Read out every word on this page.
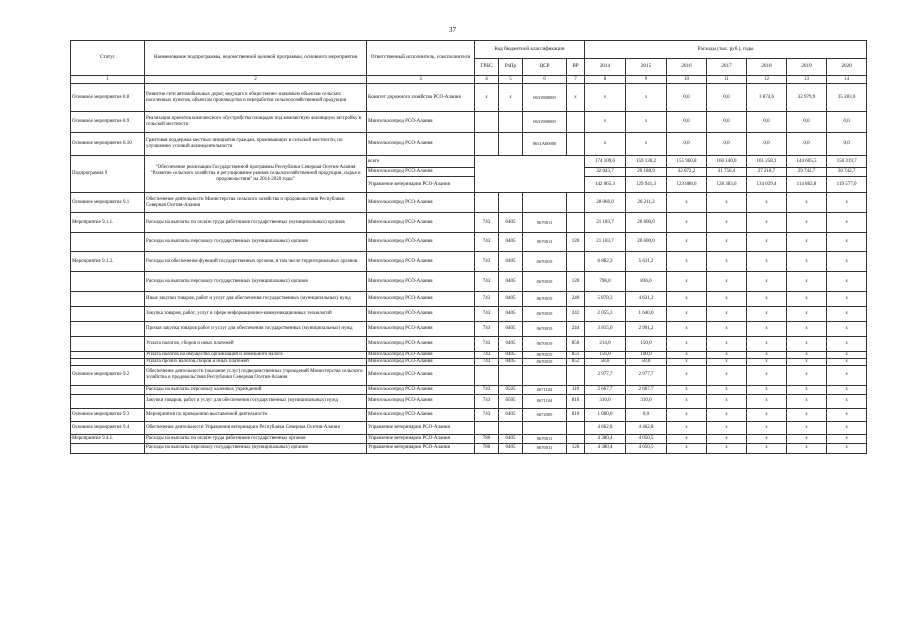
37
Статус	Наименование подпрограммы, ведомственной целевой программы, основного мероприятия	Ответственный исполнитель, соисполнители	Код бюджетной классификации				Расходы (тыс. руб.), годы						
			ГРБС	РзПр	ЦСР	ВР	2014	2015	2016	2017	2018	2019	2020
1	2	3	4	5	6	7	8	9	10	11	12	13	14
Основное мероприятие 8.8	Развитие сети автомобильных дорог, ведущих к общественно значимым объектам сельских населенных пунктов, объектам производства и переработки сельскохозяйственной продукции	Комитет дорожного хозяйства РСО-Алания	x	x	0631800000	x	x	x	0,0	0,0	3 874,6	32 979,9	35 283,0
Основное мероприятие 8.9	Реализация проектов комплексного обустройства площадок под компактную жилищную застройку в сельской местности	Минсельхозпрод РСО-Алания			0631900000		x	x	0,0	0,0	0,0	0,0	0,0
Основное мероприятие 8.10	Грантовая поддержка местных инициатив граждан, проживающих в сельской местности, по улучшению условий жизнедеятельности	Минсельхозпрод РСО-Алания			0631А00000		x	x	0,0	0,0	0,0	0,0	0,0
Подпрограмма 9	"Обеспечение реализации Государственной программы Республики Северная Осетия-Алания "Развитие сельского хозяйства и регулирование рынков сельскохозяйственной продукции, сырья и продовольствия" на 2014-2020 годы"	всего					174 109,0	159 130,2	155 960,8	160 140,0	161 258,1	144 605,5	150 319,7
		Минсельхозпрод РСО-Алания					32 043,7	29 188,9	32 072,2	31 756,4	27 218,7	29 742,7	30 742,7
		Управление ветеринарии РСО-Алания					142 065,3	129 941,3	123 888,6	128 383,6	134 039,4	114 862,8	119 577,0
Основное мероприятие 9.1	Обеспечение деятельности Министерства сельского хозяйства и продовольствия Республики Северная Осетия-Алания	Минсельхозпрод РСО-Алания					28 066,0	26 211,2	x	x	x	x	x
Мероприятие 9.1.1.	Расходы на выплаты по оплате труда работников государственных (муниципальных) органов	Минсельхозпрод РСО-Алания	743	0405	0670011		21 183,7	20 600,0	x	x	x	x	x
	Расходы на выплаты персоналу государственных (муниципальных) органов	Минсельхозпрод РСО-Алания	743	0405	0670011	120	21 183,7	20 600,0	x	x	x	x	x
Мероприятие 9.1.2.	Расходы на обеспечение функций государственных органов, в том числе территориальных органов	Минсельхозпрод РСО-Алания	743	0405	0670019		6 882,3	5 611,2	x	x	x	x	x
	Расходы на выплаты персоналу государственных (муниципальных) органов	Минсельхозпрод РСО-Алания	743	0405	0670019	120	798,0	836,0	x	x	x	x	x
	Иные закупки товаров, работ и услуг для обеспечения государственных (муниципальных) нужд	Минсельхозпрод РСО-Алания	743	0405	0670019	240	5 870,3	4 631,2	x	x	x	x	x
	Закупка товаров, работ, услуг в сфере информационно-коммуникационных технологий	Минсельхозпрод РСО-Алания	743	0405	0670019	242	2 055,3	1 640,0	x	x	x	x	x
	Прочая закупка товаров работ и услуг для обеспечения государственных (муниципальных) нужд	Минсельхозпрод РСО-Алания	743	0405	0670019	244	3 815,0	2 991,2	x	x	x	x	x
	Уплата налогов, сборов и иных платежей	Минсельхозпрод РСО-Алания	743	0405	0670019	850	214,0	150,0	x	x	x	x	x
	Уплата налогов на имущество организаций и земельного налога	Минсельхозпрод РСО-Алания	743	0405	0670019	851	156,0	100,0	x	x	x	x	x
	Уплата прочих налогов,сборов и иных платежей	Минсельхозпрод РСО-Алания	743	0405	0670019	852	58,0	50,0	x	x	x	x	x
Основное мероприятие 9.2	Обеспечение деятельности (оказание услуг) подведомственных учреждений Министерства сельского хозяйства и продовольствия Республики Северная Осетия-Алания	Минсельхозпрод РСО-Алания					2 977,7	2 977,7	x	x	x	x	x
	Расходы на выплаты персоналу казенных учреждений	Минсельхозпрод РСО-Алания	743	0505	0671104	110	2 667,7	2 667,7	x	x	x	x	x
	Закупки товаров, работ и услуг для обеспечения государственных (муниципальных) нужд	Минсельхозпрод РСО-Алания	743	0505	0671104	810	310,0	310,0	x	x	x	x	x
Основное мероприятие 9.3	Мероприятия по проведению выставочной деятельности	Минсельхозпрод РСО-Алания	743	0405	0672005	810	1 000,0	0,0	x	x	x	x	x
Основное мероприятие 9.4	Обеспечение деятельности Управления ветеринарии Республики Северная Осетия-Алания	Управление ветеринарии РСО-Алания					4 662,8	4 462,8	x	x	x	x	x
Мероприятие 9.4.1.	Расходы на выплаты по оплате труда работников государственных органов	Управление ветеринарии РСО-Алания	780	0405	0670011		4 380,4	4 050,5	x	x	x	x	x
	Расходы на выплаты персоналу государственных (муниципальных) органов	Управление ветеринарии РСО-Алания	780	0405	0670011	120	4 380,4	4 050,5	x	x	x	x	x
